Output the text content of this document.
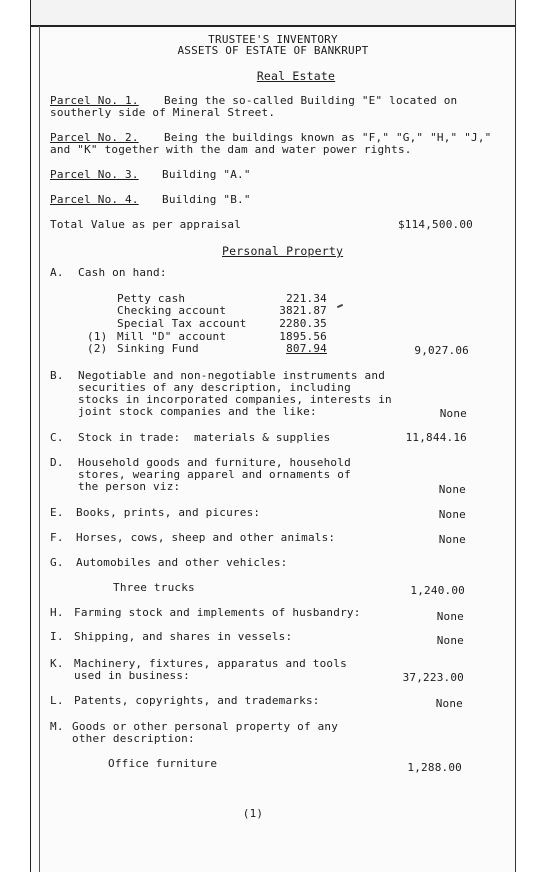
TRUSTEE'S INVENTORY
ASSETS OF ESTATE OF BANKRUPT
Real Estate
Parcel No. 1. Being the so-called Building "E" located on
southerly side of Mineral Street.
Parcel No. 2. Being the buildings known as "F," "G," "H," "J,"
and "K" together with the dam and water power rights.
Parcel No. 3. Building "A."
Parcel No. 4. Building "B."
Total Value as per appraisal	$114,500.00
Personal Property
A. Cash on hand:
Petty cash	221.34
Checking account	3821.87
Special Tax account	2280.35
(1) Mill "D" account	1895.56
(2) Sinking Fund	807.94	9,027.06
B. Negotiable and non-negotiable instruments and
securities of any description, including
stocks in incorporated companies, interests in
joint stock companies and the like:	None
C. Stock in trade:  materials & supplies	11,844.16
D. Household goods and furniture, household
stores, wearing apparel and ornaments of
the person viz:	None
E. Books, prints, and picures:	None
F. Horses, cows, sheep and other animals:	None
G. Automobiles and other vehicles:
Three trucks	1,240.00
H. Farming stock and implements of husbandry:	None
I. Shipping, and shares in vessels:	None
K. Machinery, fixtures, apparatus and tools
used in business:	37,223.00
L. Patents, copyrights, and trademarks:	None
M. Goods or other personal property of any
other description:
Office furniture	1,288.00
(1)
